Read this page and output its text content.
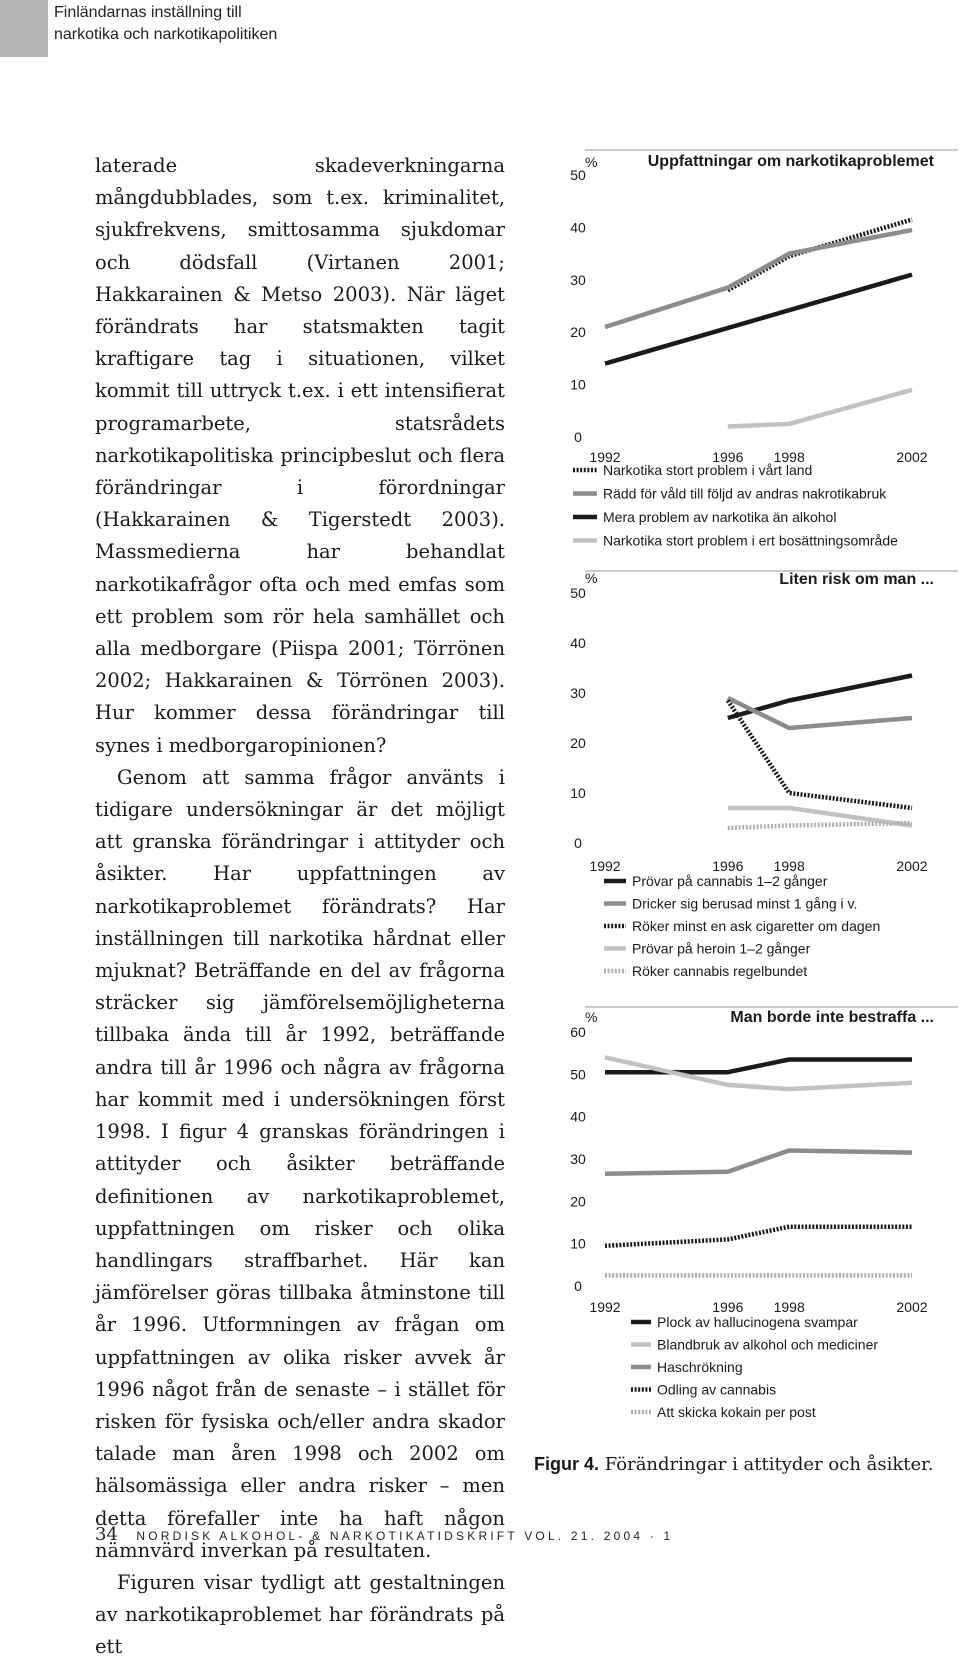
Finländarnas inställning till
narkotika och narkotikapolitiken

laterade skadeverkningarna mångdubblades, som t.ex. kriminalitet, sjukfrekvens, smittosamma sjukdomar och dödsfall (Virtanen 2001; Hakkarainen & Metso 2003). När läget förändrats har statsmakten tagit kraftigare tag i situationen, vilket kommit till uttryck t.ex. i ett intensifierat programarbete, statsrådets narkotikapolitiska principbeslut och flera förändringar i förordningar (Hakkarainen & Tigerstedt 2003). Massmedierna har behandlat narkotikafrågor ofta och med emfas som ett problem som rör hela samhället och alla medborgare (Piispa 2001; Törrönen 2002; Hakkarainen & Törrönen 2003). Hur kommer dessa förändringar till synes i medborgaropinionen?

Genom att samma frågor använts i tidigare undersökningar är det möjligt att granska förändringar i attityder och åsikter. Har uppfattningen av narkotikaproblemet förändrats? Har inställningen till narkotika hårdnat eller mjuknat? Beträffande en del av frågorna sträcker sig jämförelsemöjligheterna tillbaka ända till år 1992, beträffande andra till år 1996 och några av frågorna har kommit med i undersökningen först 1998. I figur 4 granskas förändringen i attityder och åsikter beträffande definitionen av narkotikaproblemet, uppfattningen om risker och olika handlingars straffbarhet. Här kan jämförelser göras tillbaka åtminstone till år 1996. Utformningen av frågan om uppfattningen av olika risker avvek år 1996 något från de senaste – i stället för risken för fysiska och/eller andra skador talade man åren 1998 och 2002 om hälsomässiga eller andra risker – men detta förefaller inte ha haft någon nämnvärd inverkan på resultaten.

Figuren visar tydligt att gestaltningen av narkotikaproblemet har förändrats på ett

%	Uppfattningar om narkotikaproblemet
0
10
20
30
40
50
1992	1996 1998	2002
Narkotika stort problem i vårt land
Rädd för våld till följd av andras nakrotikabruk
Mera problem av narkotika än alkohol
Narkotika stort problem i ert bosättningsområde
%	Liten risk om man ...
0
10
20
30
40
50
1992	1996 1998	2002
Prövar på cannabis 1–2 gånger
Dricker sig berusad minst 1 gång i v.
Röker minst en ask cigaretter om dagen
Prövar på heroin 1–2 gånger
Röker cannabis regelbundet
%	Man borde inte bestraffa ...
0
10
20
30
40
50
60
1992	1996 1998	2002
Plock av hallucinogena svampar
Blandbruk av alkohol och mediciner
Haschrökning
Odling av cannabis
Att skicka kokain per post
Figur 4. Förändringar i attityder och åsikter.
34 NORDISK ALKOHOL- & NARKOTIKATIDSKRIFT VOL. 21. 2004 · 1
